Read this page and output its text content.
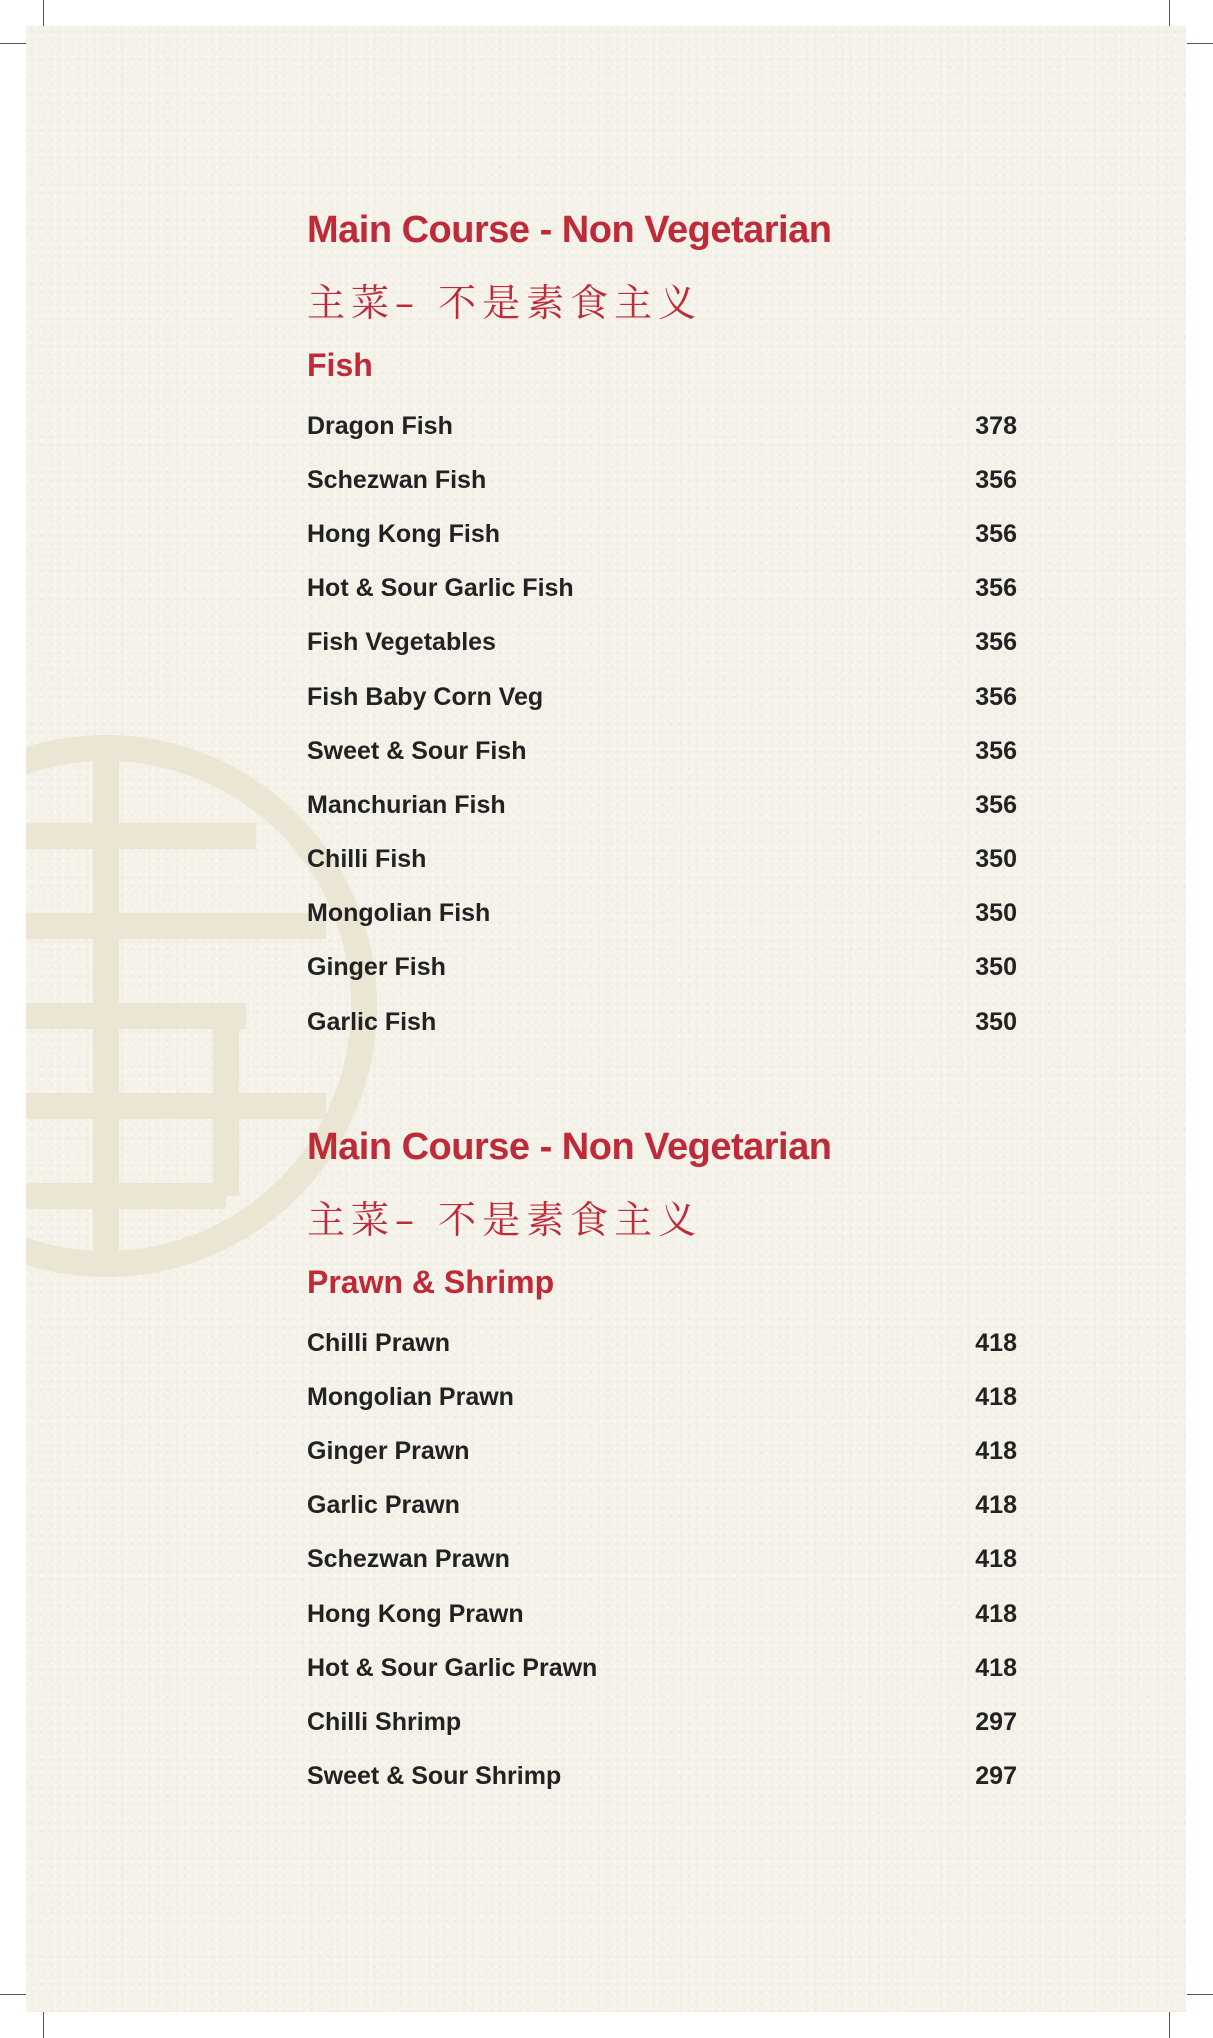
Main Course - Non Vegetarian
主菜– 不是素食主义
Fish
Dragon Fish	378
Schezwan Fish	356
Hong Kong Fish	356
Hot & Sour Garlic Fish	356
Fish Vegetables	356
Fish Baby Corn Veg	356
Sweet & Sour Fish	356
Manchurian Fish	356
Chilli Fish	350
Mongolian Fish	350
Ginger Fish	350
Garlic Fish	350
Main Course - Non Vegetarian
主菜– 不是素食主义
Prawn & Shrimp
Chilli Prawn	418
Mongolian Prawn	418
Ginger Prawn	418
Garlic Prawn	418
Schezwan Prawn	418
Hong Kong Prawn	418
Hot & Sour Garlic Prawn	418
Chilli Shrimp	297
Sweet & Sour Shrimp	297
